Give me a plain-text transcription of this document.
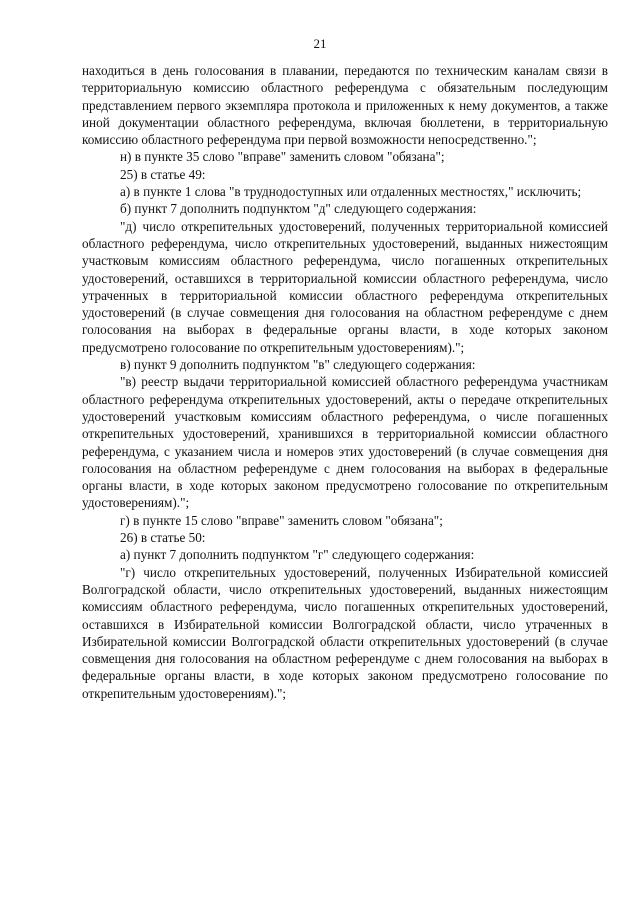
21

находиться в день голосования в плавании, передаются по техническим каналам связи в территориальную комиссию областного референдума с обязательным последующим представлением первого экземпляра протокола и приложенных к нему документов, а также иной документации областного референдума, включая бюллетени, в территориальную комиссию областного референдума при первой возможности непосредственно.";

н) в пункте 35 слово "вправе" заменить словом "обязана";

25) в статье 49:

а) в пункте 1 слова "в труднодоступных или отдаленных местностях," исключить;

б) пункт 7 дополнить подпунктом "д" следующего содержания:

"д) число открепительных удостоверений, полученных территориальной комиссией областного референдума, число открепительных удостоверений, выданных нижестоящим участковым комиссиям областного референдума, число погашенных открепительных удостоверений, оставшихся в территориальной комиссии областного референдума, число утраченных в территориальной комиссии областного референдума открепительных удостоверений (в случае совмещения дня голосования на областном референдуме с днем голосования на выборах в федеральные органы власти, в ходе которых законом предусмотрено голосование по открепительным удостоверениям).";

в) пункт 9 дополнить подпунктом "в" следующего содержания:

"в) реестр выдачи территориальной комиссией областного референдума участникам областного референдума открепительных удостоверений, акты о передаче открепительных удостоверений участковым комиссиям областного референдума, о числе погашенных открепительных удостоверений, хранившихся в территориальной комиссии областного референдума, с указанием числа и номеров этих удостоверений (в случае совмещения дня голосования на областном референдуме с днем голосования на выборах в федеральные органы власти, в ходе которых законом предусмотрено голосование по открепительным удостоверениям).";

г) в пункте 15 слово "вправе" заменить словом "обязана";

26) в статье 50:

а) пункт 7 дополнить подпунктом "г" следующего содержания:

"г) число открепительных удостоверений, полученных Избирательной комиссией Волгоградской области, число открепительных удостоверений, выданных нижестоящим комиссиям областного референдума, число погашенных открепительных удостоверений, оставшихся в Избирательной комиссии Волгоградской области, число утраченных в Избирательной комиссии Волгоградской области открепительных удостоверений (в случае совмещения дня голосования на областном референдуме с днем голосования на выборах в федеральные органы власти, в ходе которых законом предусмотрено голосование по открепительным удостоверениям).";
